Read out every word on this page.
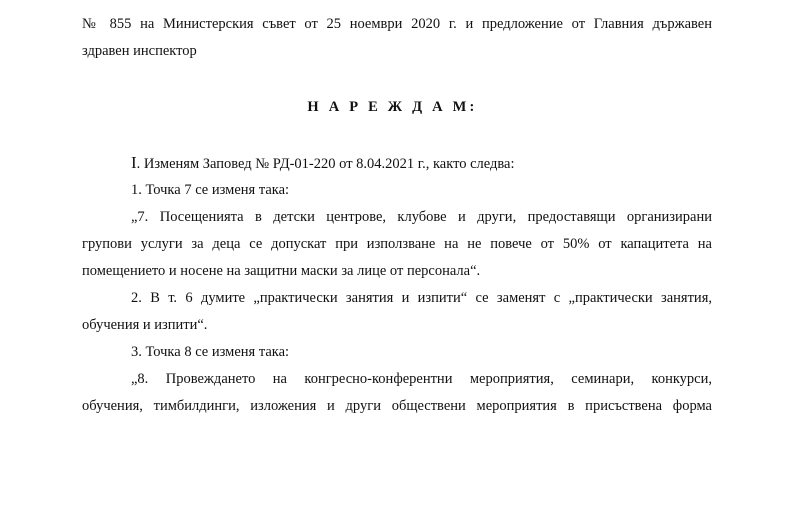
№ 855 на Министерския съвет от 25 ноември 2020 г. и предложение от Главния държавен
здравен инспектор
Н А Р Е Ж Д А М:
I. Изменям Заповед № РД-01-220 от 8.04.2021 г., както следва:
1. Точка 7 се изменя така:
„7. Посещенията в детски центрове, клубове и други, предоставящи организирани
групови услуги за деца се допускат при използване на не повече от 50% от капацитета на
помещението и носене на защитни маски за лице от персонала“.
2. В т. 6 думите „практически занятия и изпити“ се заменят с „практически занятия,
обучения и изпити“.
3. Точка 8 се изменя така:
„8. Провеждането на конгресно-конферентни мероприятия, семинари, конкурси,
обучения, тимбилдинги, изложения и други обществени мероприятия в присъствена форма
